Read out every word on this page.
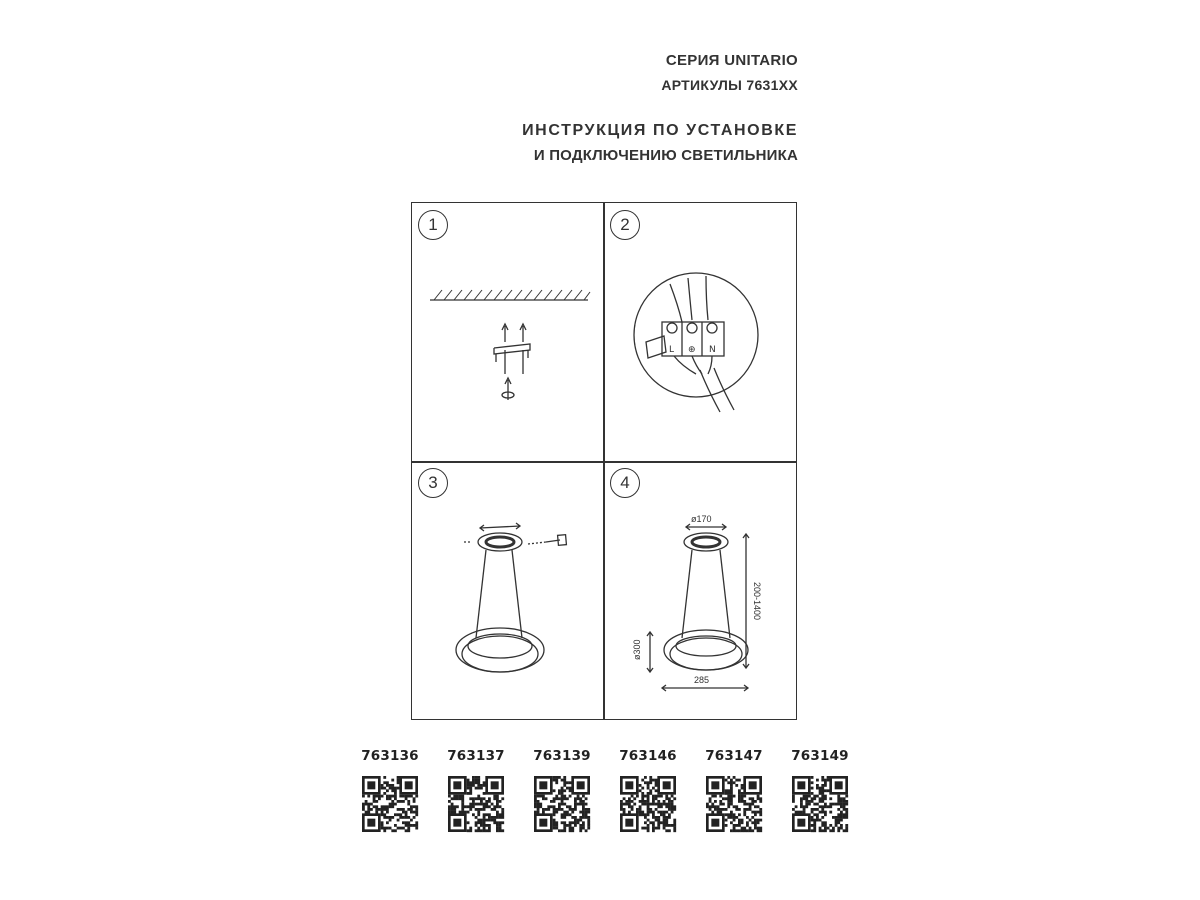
СЕРИЯ UNITARIO
АРТИКУЛЫ 7631XX
ИНСТРУКЦИЯ ПО УСТАНОВКЕ
И ПОДКЛЮЧЕНИЮ СВЕТИЛЬНИКА
1	2
3	4
L ⊕ N
ø170
200-1400
ø300
285
763136 763137 763139 763146 763147 763149
